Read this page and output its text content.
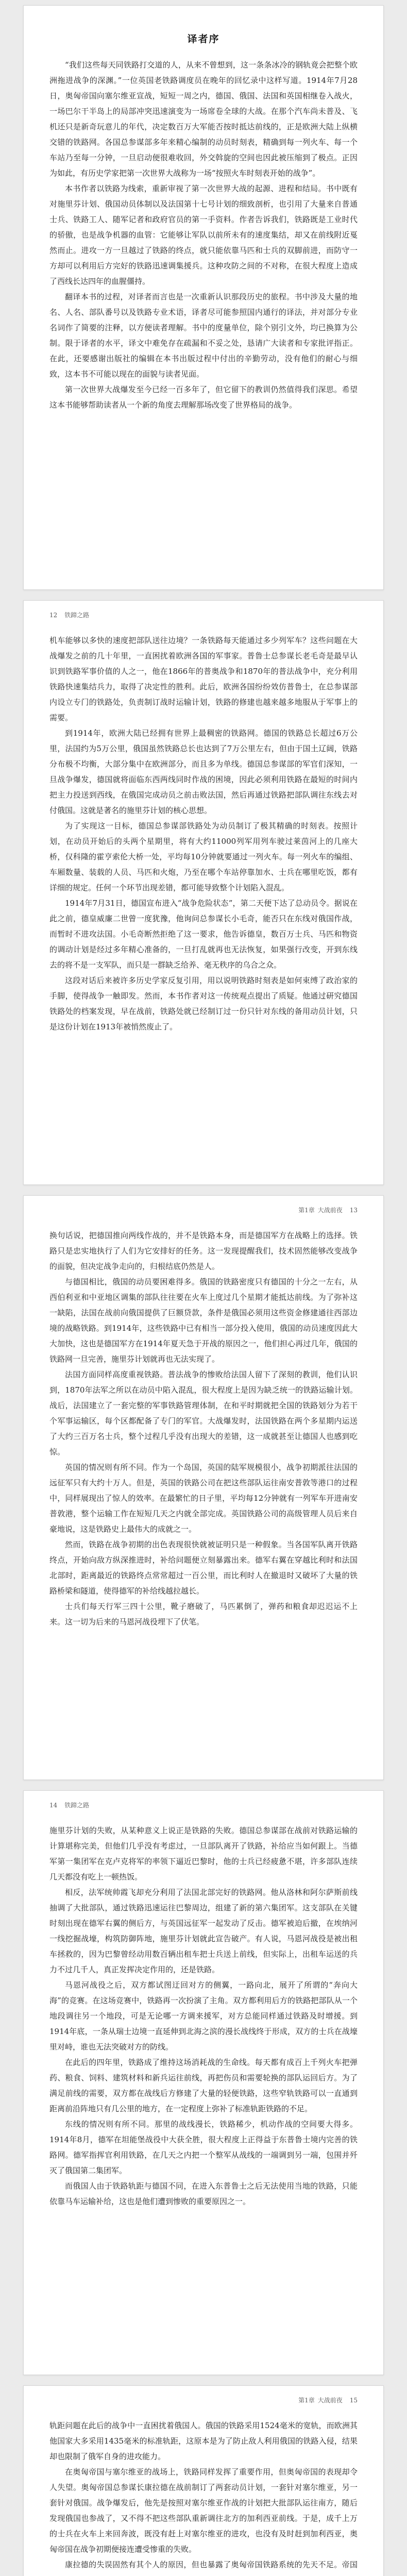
译者序

“我们这些每天同铁路打交道的人，从来不曾想到，这一条条冰冷的钢轨竟会把整个欧洲拖进战争的深渊。”一位英国老铁路调度员在晚年的回忆录中这样写道。1914年7月28日，奥匈帝国向塞尔维亚宣战，短短一周之内，德国、俄国、法国和英国相继卷入战火，一场巴尔干半岛上的局部冲突迅速演变为一场席卷全球的大战。在那个汽车尚未普及、飞机还只是新奇玩意儿的年代，决定数百万大军能否按时抵达前线的，正是欧洲大陆上纵横交错的铁路网。各国总参谋部多年来精心编制的动员时刻表，精确到每一列火车、每一个车站乃至每一分钟，一旦启动便很难收回，外交斡旋的空间也因此被压缩到了极点。正因为如此，有历史学家把第一次世界大战称为一场“按照火车时刻表开始的战争”。

本书作者以铁路为线索，重新审视了第一次世界大战的起源、进程和结局。书中既有对施里芬计划、俄国动员体制以及法国第十七号计划的细致剖析，也引用了大量来自普通士兵、铁路工人、随军记者和政府官员的第一手资料。作者告诉我们，铁路既是工业时代的骄傲，也是战争机器的血管：它能够让军队以前所未有的速度集结，却又在前线附近戛然而止。进攻一方一旦越过了铁路的终点，就只能依靠马匹和士兵的双脚前进，而防守一方却可以利用后方完好的铁路迅速调集援兵。这种攻防之间的不对称，在很大程度上造成了西线长达四年的血腥僵持。

翻译本书的过程，对译者而言也是一次重新认识那段历史的旅程。书中涉及大量的地名、人名、部队番号以及铁路专业术语，译者尽可能参照国内通行的译法，并对部分专业名词作了简要的注释，以方便读者理解。书中的度量单位，除个别引文外，均已换算为公制。限于译者的水平，译文中难免存在疏漏和不妥之处，恳请广大读者和专家批评指正。在此，还要感谢出版社的编辑在本书出版过程中付出的辛勤劳动，没有他们的耐心与细致，这本书不可能以现在的面貌与读者见面。

第一次世界大战爆发至今已经一百多年了，但它留下的教训仍然值得我们深思。希望这本书能够帮助读者从一个新的角度去理解那场改变了世界格局的战争。

12 铁蹄之路

机车能够以多快的速度把部队送往边境？一条铁路每天能通过多少列军车？这些问题在大战爆发之前的几十年里，一直困扰着欧洲各国的军事家。普鲁士总参谋长老毛奇是最早认识到铁路军事价值的人之一，他在1866年的普奥战争和1870年的普法战争中，充分利用铁路快速集结兵力，取得了决定性的胜利。此后，欧洲各国纷纷效仿普鲁士，在总参谋部内设立专门的铁路处，负责制订战时运输计划，铁路的修建也越来越多地服从于军事上的需要。

到1914年，欧洲大陆已经拥有世界上最稠密的铁路网。德国的铁路总长超过6万公里，法国约为5万公里，俄国虽然铁路总长也达到了7万公里左右，但由于国土辽阔，铁路分布极不均衡，大部分集中在欧洲部分，而且多为单线。德国总参谋部的军官们深知，一旦战争爆发，德国就将面临东西两线同时作战的困境，因此必须利用铁路在最短的时间内把主力投送到西线，在俄国完成动员之前击败法国，然后再通过铁路把部队调往东线去对付俄国。这就是著名的施里芬计划的核心思想。

为了实现这一目标，德国总参谋部铁路处为动员制订了极其精确的时刻表。按照计划，在动员开始后的头两个星期里，将有大约11000列军用列车驶过莱茵河上的几座大桥，仅科隆的霍亨索伦大桥一处，平均每10分钟就要通过一列火车。每一列火车的编组、车厢数量、装载的人员、马匹和火炮，乃至在哪个车站停靠加水、士兵在哪里吃饭，都有详细的规定。任何一个环节出现差错，都可能导致整个计划陷入混乱。

1914年7月31日，德国宣布进入“战争危险状态”，第二天便下达了总动员令。据说在此之前，德皇威廉二世曾一度犹豫，他询问总参谋长小毛奇，能否只在东线对俄国作战，而暂时不进攻法国。小毛奇断然拒绝了这一要求，他告诉德皇，数百万士兵、马匹和物资的调动计划是经过多年精心准备的，一旦打乱就再也无法恢复，如果强行改变，开到东线去的将不是一支军队，而只是一群缺乏给养、毫无秩序的乌合之众。

这段对话后来被许多历史学家反复引用，用以说明铁路时刻表是如何束缚了政治家的手脚，使得战争一触即发。然而，本书作者对这一传统观点提出了质疑。他通过研究德国铁路处的档案发现，早在战前，铁路处就已经制订过一份只针对东线的备用动员计划，只是这份计划在1913年被悄然废止了。

第1章 大战前夜 13

换句话说，把德国推向两线作战的，并不是铁路本身，而是德国军方在战略上的选择。铁路只是忠实地执行了人们为它安排好的任务。这一发现提醒我们，技术固然能够改变战争的面貌，但决定战争走向的，归根结底仍然是人。

与德国相比，俄国的动员要困难得多。俄国的铁路密度只有德国的十分之一左右，从西伯利亚和中亚地区调集的部队往往要在火车上度过几个星期才能抵达前线。为了弥补这一缺陷，法国在战前向俄国提供了巨额贷款，条件是俄国必须用这些资金修建通往西部边境的战略铁路。到1914年，这些铁路中已有相当一部分投入使用，俄国的动员速度因此大大加快，这也是德国军方在1914年夏天急于开战的原因之一，他们担心再过几年，俄国的铁路网一旦完善，施里芬计划就再也无法实现了。

法国方面同样高度重视铁路。普法战争的惨败给法国人留下了深刻的教训，他们认识到，1870年法军之所以在动员中陷入混乱，很大程度上是因为缺乏统一的铁路运输计划。战后，法国建立了一套完整的军事铁路管理体制，在和平时期就把全国的铁路划分为若干个军事运输区，每个区都配备了专门的军官。大战爆发时，法国铁路在两个多星期内运送了大约三百万名士兵，整个过程几乎没有出现大的差错，这一成就甚至让德国人也感到吃惊。

英国的情况则有所不同。作为一个岛国，英国的陆军规模很小，战争初期派往法国的远征军只有大约十万人。但是，英国的铁路公司在把这些部队运往南安普敦等港口的过程中，同样展现出了惊人的效率。在最繁忙的日子里，平均每12分钟就有一列军车开进南安普敦港，整个运输工作在短短几天之内就全部完成。英国铁路公司的高级管理人员后来自豪地说，这是铁路史上最伟大的成就之一。

然而，铁路在战争初期的出色表现很快就被证明只是一种假象。当各国军队离开铁路终点，开始向敌方纵深推进时，补给问题便立刻暴露出来。德军右翼在穿越比利时和法国北部时，距离最近的铁路终点常常超过一百公里，而比利时人在撤退时又破坏了大量的铁路桥梁和隧道，使得德军的补给线越拉越长。

士兵们每天行军三四十公里，靴子磨破了，马匹累倒了，弹药和粮食却迟迟运不上来。这一切为后来的马恩河战役埋下了伏笔。

14 铁蹄之路

施里芬计划的失败，从某种意义上说正是铁路的失败。德国总参谋部在战前对铁路运输的计算堪称完美，但他们几乎没有考虑过，一旦部队离开了铁路，补给应当如何跟上。当德军第一集团军在克卢克将军的率领下逼近巴黎时，他的士兵已经疲惫不堪，许多部队连续几天都没有吃上一顿热饭。

相反，法军统帅霞飞却充分利用了法国北部完好的铁路网。他从洛林和阿尔萨斯前线抽调了大批部队，通过铁路迅速运往巴黎周边，组建了新的第六集团军。这支部队在关键时刻出现在德军右翼的侧后方，与英国远征军一起发动了反击。德军被迫后撤，在埃纳河一线挖掘战壕，构筑防御阵地，施里芬计划就此宣告破产。有人说，马恩河战役是被出租车拯救的，因为巴黎曾经动用数百辆出租车把士兵送上前线，但实际上，出租车运送的兵力不过几千人，真正发挥决定作用的，还是铁路。

马恩河战役之后，双方都试图迂回对方的侧翼，一路向北，展开了所谓的“奔向大海”的竞赛。在这场竞赛中，铁路再一次扮演了主角。双方都利用后方的铁路把部队从一个地段调往另一个地段，可是无论哪一方调来援军，对方总能同样通过铁路及时增援。到1914年底，一条从瑞士边境一直延伸到北海之滨的漫长战线终于形成，双方的士兵在战壕里对峙，谁也无法突破对方的防线。

在此后的四年里，铁路成了维持这场消耗战的生命线。每天都有成百上千列火车把弹药、粮食、饲料、建筑材料和新兵运往前线，再把伤员和需要轮换的部队运回后方。为了满足前线的需要，双方都在战线后方修建了大量的轻便铁路，这些窄轨铁路可以一直通到距离前沿阵地只有几公里的地方，在一定程度上弥补了标准轨距铁路的不足。

东线的情况则有所不同。那里的战线漫长，铁路稀少，机动作战的空间要大得多。1914年8月，德军在坦能堡战役中大获全胜，很大程度上正得益于东普鲁士境内完善的铁路网。德军指挥官利用铁路，在几天之内把一个整军从战线的一端调到另一端，包围并歼灭了俄国第二集团军。

而俄国人由于铁路轨距与德国不同，在进入东普鲁士之后无法使用当地的铁路，只能依靠马车运输补给，这也是他们遭到惨败的重要原因之一。

第1章 大战前夜 15

轨距问题在此后的战争中一直困扰着俄国人。俄国的铁路采用1524毫米的宽轨，而欧洲其他国家大多采用1435毫米的标准轨距，这原本是为了防止敌人利用俄国的铁路入侵，结果却也限制了俄军自身的进攻能力。

在奥匈帝国与塞尔维亚的战场上，铁路同样发挥了重要作用，但奥匈帝国的表现却令人失望。奥匈帝国总参谋长康拉德在战前制订了两套动员计划，一套针对塞尔维亚，另一套针对俄国。战争爆发后，他先是按照对塞尔维亚作战的计划把大批部队运往南方，随后发现俄国也参战了，又不得不把这些部队重新调往北方的加利西亚前线。于是，成千上万的士兵在火车上来回奔波，既没有赶上对塞尔维亚的进攻，也没有及时赶到加利西亚，奥匈帝国在战争初期便接连遭受惨重的失败。

康拉德的失误固然有其个人的原因，但也暴露了奥匈帝国铁路系统的先天不足。帝国
